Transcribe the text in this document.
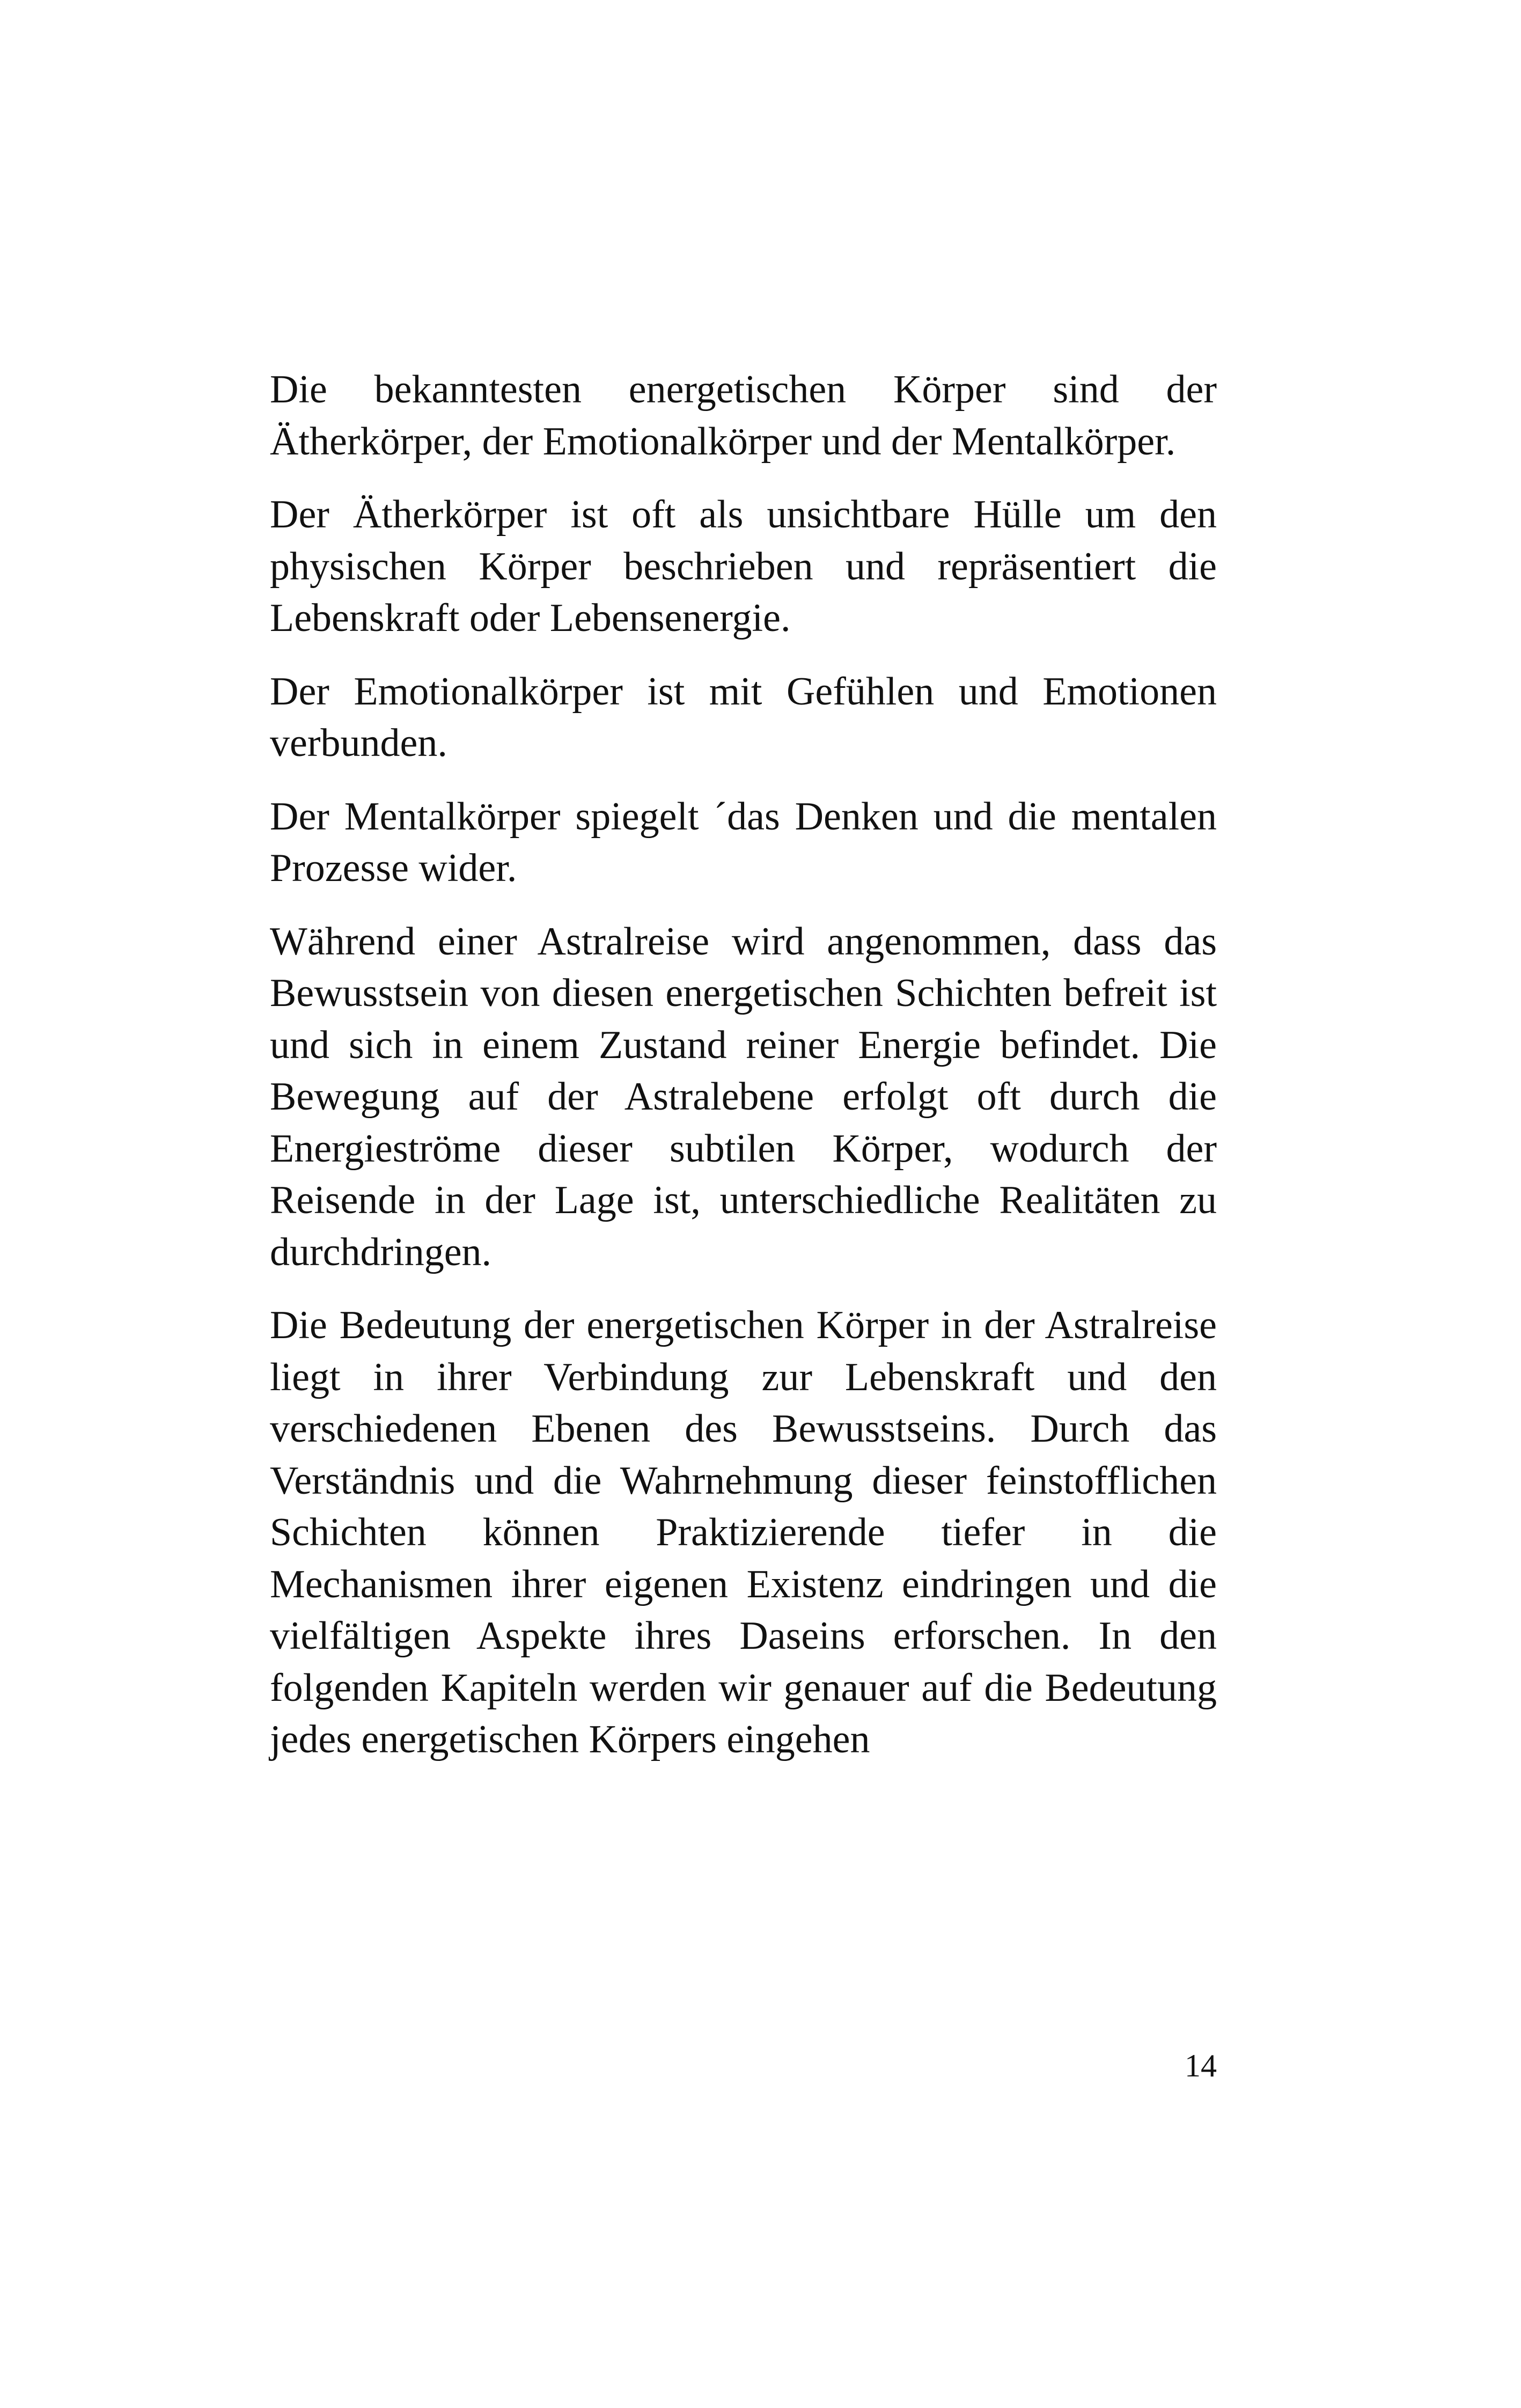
Die bekanntesten energetischen Körper sind der Ätherkörper, der Emotionalkörper und der Mentalkörper.

Der Ätherkörper ist oft als unsichtbare Hülle um den physischen Körper beschrieben und repräsentiert die Lebenskraft oder Lebensenergie.

Der Emotionalkörper ist mit Gefühlen und Emotionen verbunden.

Der Mentalkörper spiegelt ´das Denken und die mentalen Prozesse wider.

Während einer Astralreise wird angenommen, dass das Bewusstsein von diesen energetischen Schichten befreit ist und sich in einem Zustand reiner Energie befindet. Die Bewegung auf der Astralebene erfolgt oft durch die Energieströme dieser subtilen Körper, wodurch der Reisende in der Lage ist, unterschiedliche Realitäten zu durchdringen.

Die Bedeutung der energetischen Körper in der Astralreise liegt in ihrer Verbindung zur Lebenskraft und den verschiedenen Ebenen des Bewusstseins. Durch das Verständnis und die Wahrnehmung dieser feinstofflichen Schichten können Praktizierende tiefer in die Mechanismen ihrer eigenen Existenz eindringen und die vielfältigen Aspekte ihres Daseins erforschen. In den folgenden Kapiteln werden wir genauer auf die Bedeutung jedes energetischen Körpers eingehen

14
